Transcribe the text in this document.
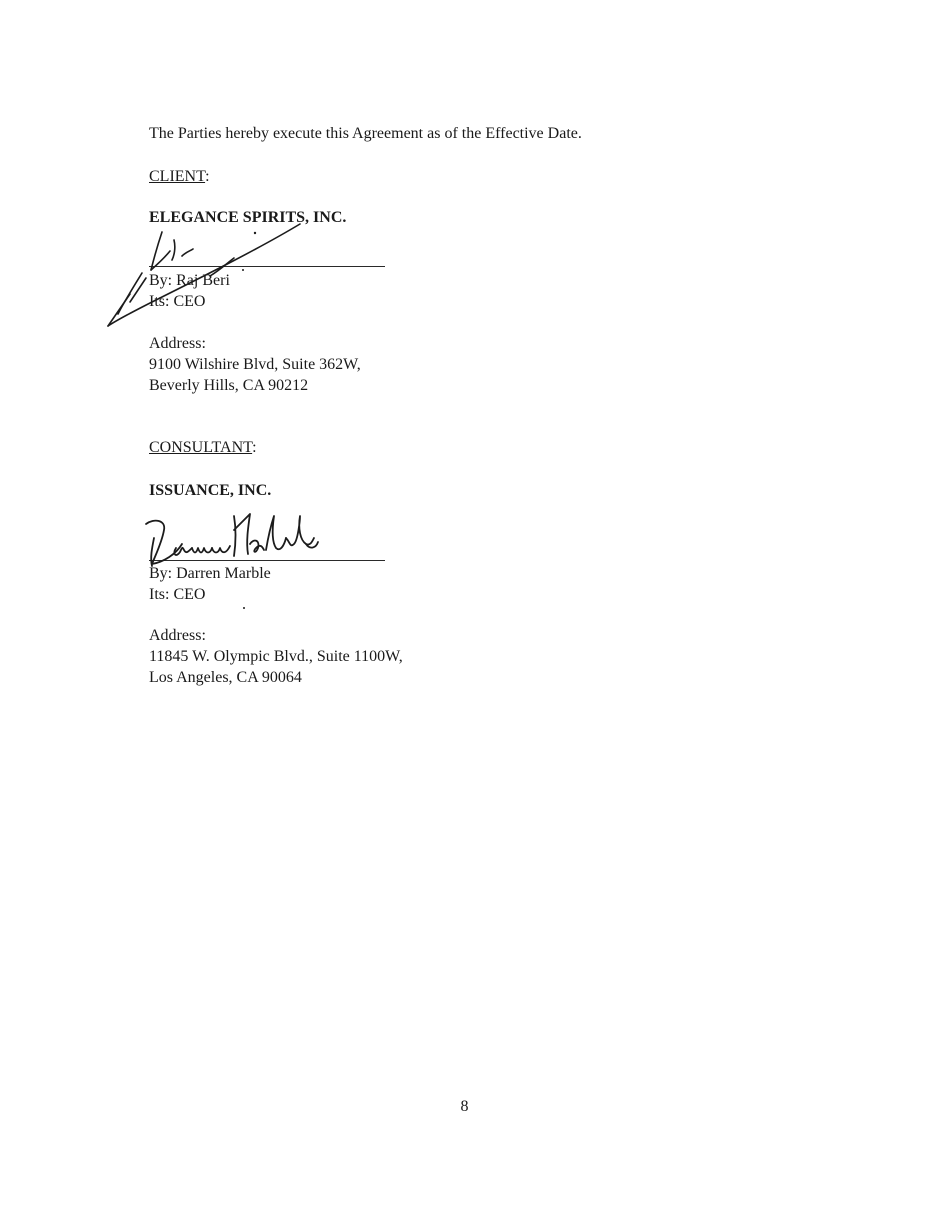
The Parties hereby execute this Agreement as of the Effective Date.
CLIENT:
ELEGANCE SPIRITS, INC.
By: Raj Beri
Its: CEO
Address:
9100 Wilshire Blvd, Suite 362W,
Beverly Hills, CA 90212
CONSULTANT:
ISSUANCE, INC.
By: Darren Marble
Its: CEO
Address:
11845 W. Olympic Blvd., Suite 1100W,
Los Angeles, CA 90064
8
